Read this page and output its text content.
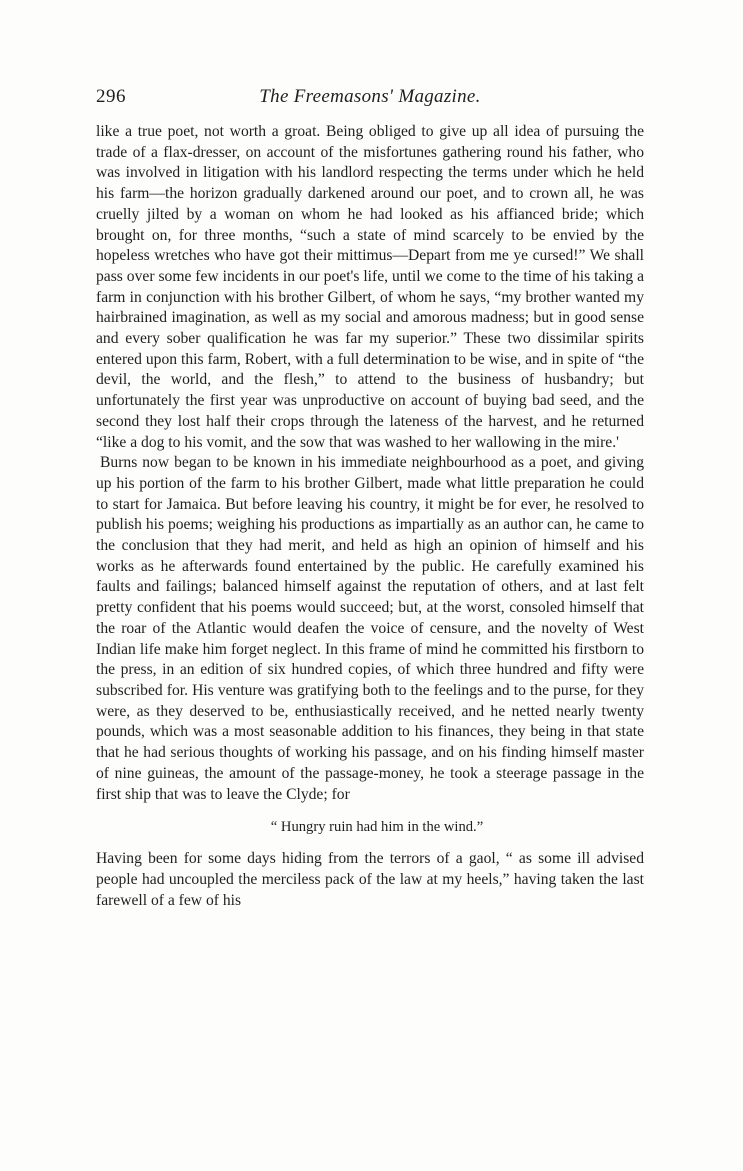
296	The Freemasons' Magazine.

like a true poet, not worth a groat. Being obliged to give up all idea of pursuing the trade of a flax-dresser, on account of the misfortunes gathering round his father, who was involved in litigation with his landlord respecting the terms under which he held his farm—the horizon gradually darkened around our poet, and to crown all, he was cruelly jilted by a woman on whom he had looked as his affianced bride; which brought on, for three months, “such a state of mind scarcely to be envied by the hopeless wretches who have got their mittimus—Depart from me ye cursed!” We shall pass over some few incidents in our poet's life, until we come to the time of his taking a farm in conjunction with his brother Gilbert, of whom he says, “my brother wanted my hairbrained imagination, as well as my social and amorous madness; but in good sense and every sober qualification he was far my superior.” These two dissimilar spirits entered upon this farm, Robert, with a full determination to be wise, and in spite of “the devil, the world, and the flesh,” to attend to the business of husbandry; but unfortunately the first year was unproductive on account of buying bad seed, and the second they lost half their crops through the lateness of the harvest, and he returned “like a dog to his vomit, and the sow that was washed to her wallowing in the mire.'

Burns now began to be known in his immediate neighbourhood as a poet, and giving up his portion of the farm to his brother Gilbert, made what little preparation he could to start for Jamaica. But before leaving his country, it might be for ever, he resolved to publish his poems; weighing his productions as impartially as an author can, he came to the conclusion that they had merit, and held as high an opinion of himself and his works as he afterwards found entertained by the public. He carefully examined his faults and failings; balanced himself against the reputation of others, and at last felt pretty confident that his poems would succeed; but, at the worst, consoled himself that the roar of the Atlantic would deafen the voice of censure, and the novelty of West Indian life make him forget neglect. In this frame of mind he committed his firstborn to the press, in an edition of six hundred copies, of which three hundred and fifty were subscribed for. His venture was gratifying both to the feelings and to the purse, for they were, as they deserved to be, enthusiastically received, and he netted nearly twenty pounds, which was a most seasonable addition to his finances, they being in that state that he had serious thoughts of working his passage, and on his finding himself master of nine guineas, the amount of the passage-money, he took a steerage passage in the first ship that was to leave the Clyde; for

“ Hungry ruin had him in the wind.”

Having been for some days hiding from the terrors of a gaol, “ as some ill advised people had uncoupled the merciless pack of the law at my heels,” having taken the last farewell of a few of his
